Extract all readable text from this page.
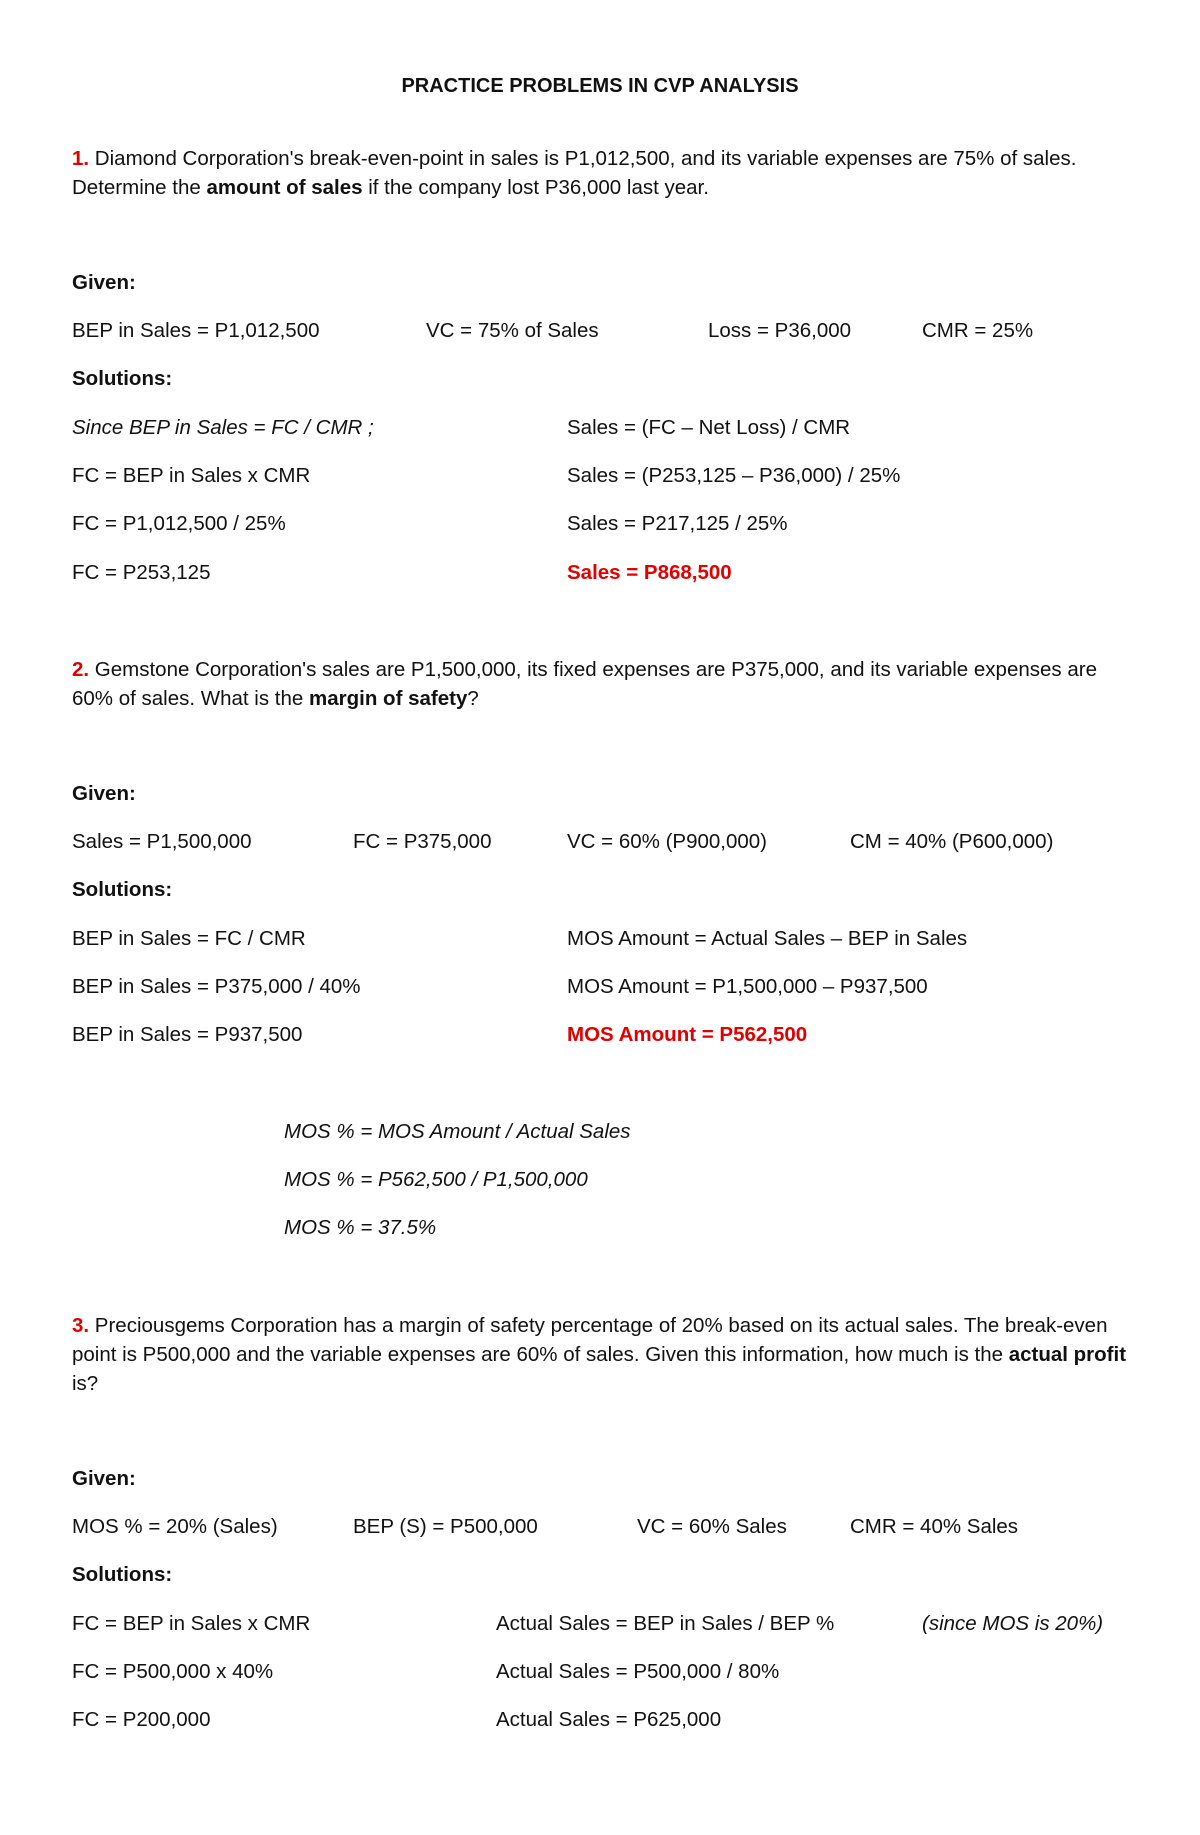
PRACTICE PROBLEMS IN CVP ANALYSIS
1. Diamond Corporation's break-even-point in sales is P1,012,500, and its variable expenses are 75% of sales. Determine the amount of sales if the company lost P36,000 last year.
Given:
BEP in Sales = P1,012,500	VC = 75% of Sales	Loss = P36,000	CMR = 25%
Solutions:
Since BEP in Sales = FC / CMR ;
FC = BEP in Sales x CMR
FC = P1,012,500 / 25%
FC = P253,125
Sales = (FC – Net Loss) / CMR
Sales = (P253,125 – P36,000) / 25%
Sales = P217,125 / 25%
Sales = P868,500
2. Gemstone Corporation's sales are P1,500,000, its fixed expenses are P375,000, and its variable expenses are 60% of sales. What is the margin of safety?
Given:
Sales = P1,500,000	FC = P375,000	VC = 60% (P900,000)	CM = 40% (P600,000)
Solutions:
BEP in Sales = FC / CMR
BEP in Sales = P375,000 / 40%
BEP in Sales = P937,500
MOS Amount = Actual Sales – BEP in Sales
MOS Amount = P1,500,000 – P937,500
MOS Amount = P562,500
MOS % = MOS Amount / Actual Sales
MOS % = P562,500 / P1,500,000
MOS % = 37.5%
3. Preciousgems Corporation has a margin of safety percentage of 20% based on its actual sales. The break-even point is P500,000 and the variable expenses are 60% of sales. Given this information, how much is the actual profit is?
Given:
MOS % = 20% (Sales)	BEP (S) = P500,000	VC = 60% Sales	CMR = 40% Sales
Solutions:
FC = BEP in Sales x CMR
FC = P500,000 x 40%
FC = P200,000
Actual Sales = BEP in Sales / BEP %
Actual Sales = P500,000 / 80%
Actual Sales = P625,000
(since MOS is 20%)
